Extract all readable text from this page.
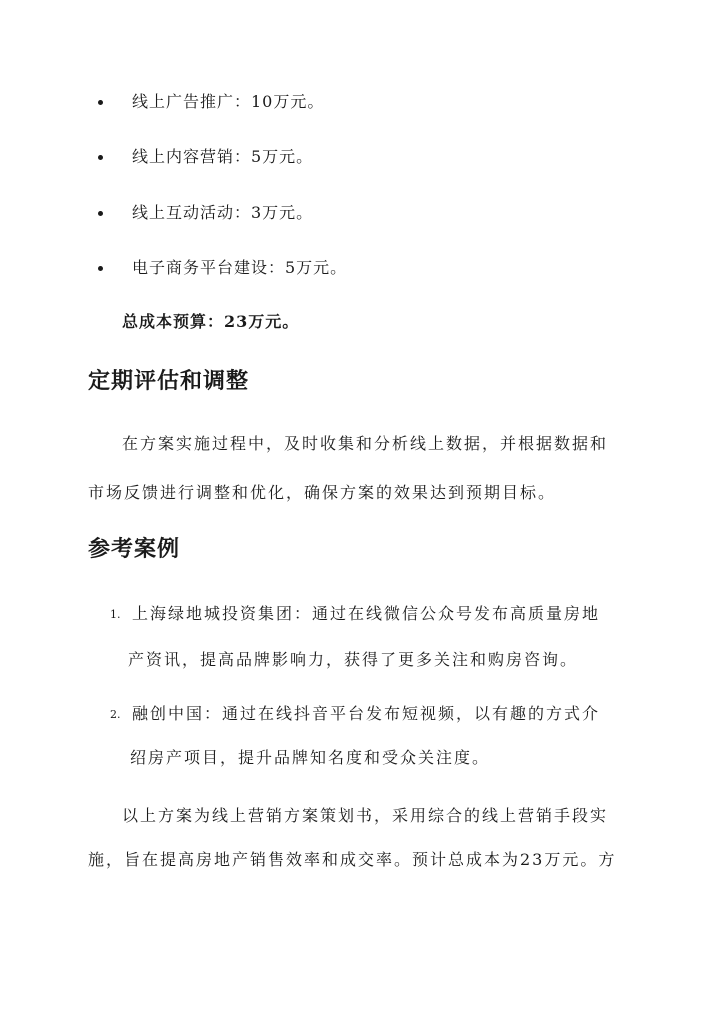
线上广告推广：10万元。
线上内容营销：5万元。
线上互动活动：3万元。
电子商务平台建设：5万元。
总成本预算：23万元。
定期评估和调整
在方案实施过程中，及时收集和分析线上数据，并根据数据和
市场反馈进行调整和优化，确保方案的效果达到预期目标。
参考案例
1. 上海绿地城投资集团：通过在线微信公众号发布高质量房地
产资讯，提高品牌影响力，获得了更多关注和购房咨询。
2. 融创中国：通过在线抖音平台发布短视频，以有趣的方式介
绍房产项目，提升品牌知名度和受众关注度。
以上方案为线上营销方案策划书，采用综合的线上营销手段实
施，旨在提高房地产销售效率和成交率。预计总成本为23万元。方
